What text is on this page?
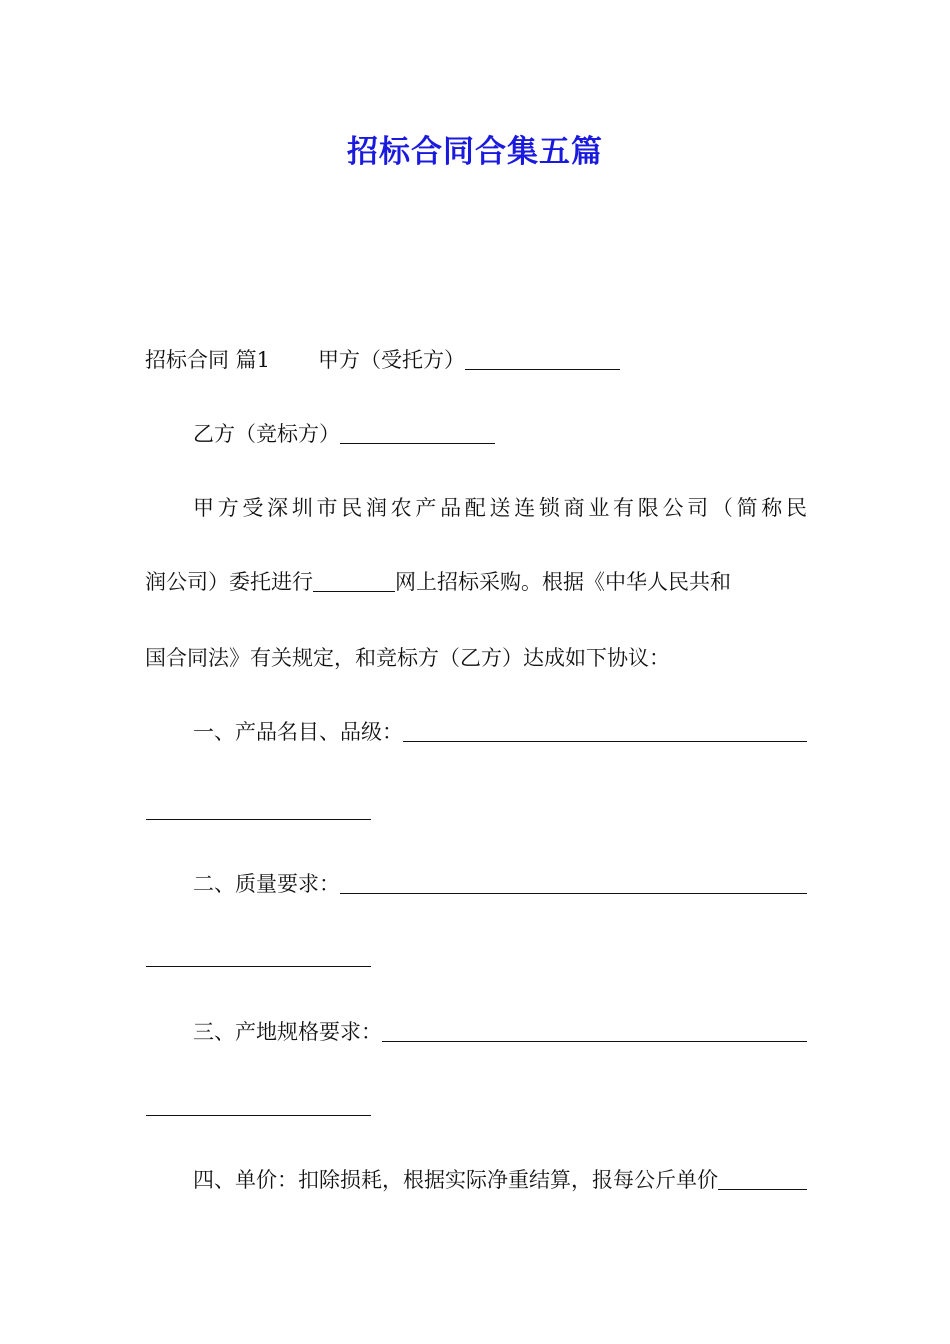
招标合同合集五篇
招标合同 篇1 甲方（受托方）
乙方（竞标方）
甲方受深圳市民润农产品配送连锁商业有限公司（简称民
润公司）委托进行	网上招标采购。根据《中华人民共和
国合同法》有关规定，和竞标方（乙方）达成如下协议：
一、产品名目、品级：
二、质量要求：
三、产地规格要求：
四、单价：扣除损耗，根据实际净重结算，报每公斤单价
